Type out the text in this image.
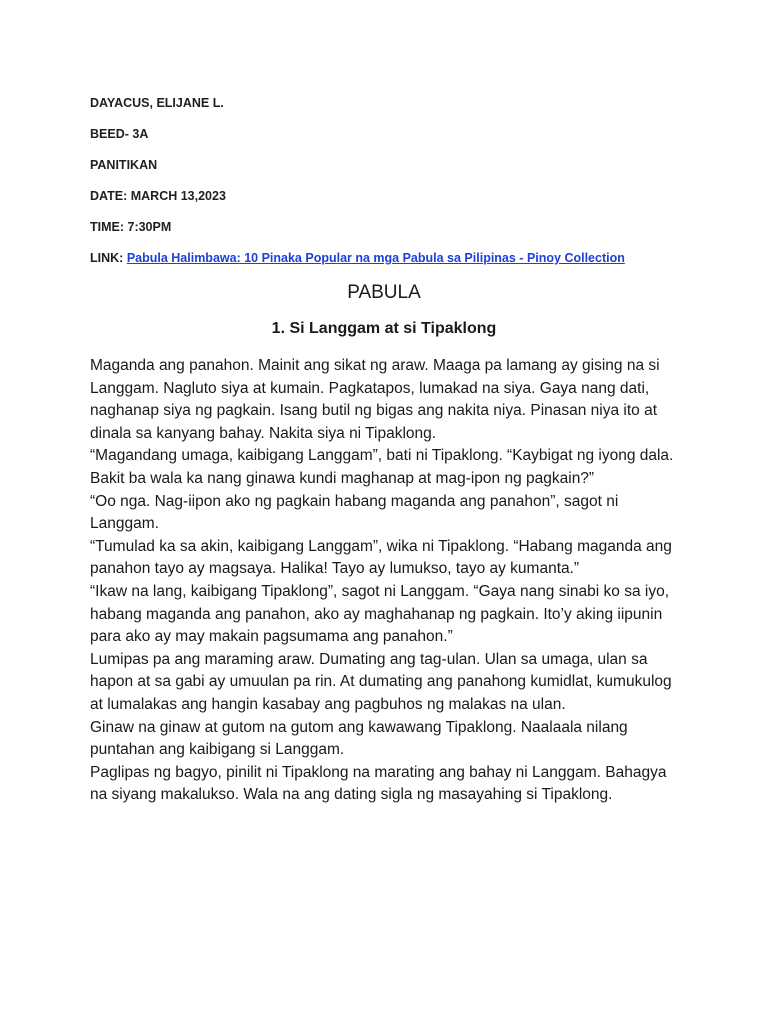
DAYACUS, ELIJANE L.
BEED- 3A
PANITIKAN
DATE: MARCH 13,2023
TIME: 7:30PM
LINK: Pabula Halimbawa: 10 Pinaka Popular na mga Pabula sa Pilipinas - Pinoy Collection
PABULA
1. Si Langgam at si Tipaklong

Maganda ang panahon. Mainit ang sikat ng araw. Maaga pa lamang ay gising na si Langgam. Nagluto siya at kumain. Pagkatapos, lumakad na siya. Gaya nang dati, naghanap siya ng pagkain. Isang butil ng bigas ang nakita niya. Pinasan niya ito at dinala sa kanyang bahay. Nakita siya ni Tipaklong.

“Magandang umaga, kaibigang Langgam”, bati ni Tipaklong. “Kaybigat ng iyong dala. Bakit ba wala ka nang ginawa kundi maghanap at mag-ipon ng pagkain?”

“Oo nga. Nag-iipon ako ng pagkain habang maganda ang panahon”, sagot ni Langgam.

“Tumulad ka sa akin, kaibigang Langgam”, wika ni Tipaklong. “Habang maganda ang panahon tayo ay magsaya. Halika! Tayo ay lumukso, tayo ay kumanta.”

“Ikaw na lang, kaibigang Tipaklong”, sagot ni Langgam. “Gaya nang sinabi ko sa iyo, habang maganda ang panahon, ako ay maghahanap ng pagkain. Ito’y aking iipunin para ako ay may makain pagsumama ang panahon.”

Lumipas pa ang maraming araw. Dumating ang tag-ulan. Ulan sa umaga, ulan sa hapon at sa gabi ay umuulan pa rin. At dumating ang panahong kumidlat, kumukulog at lumalakas ang hangin kasabay ang pagbuhos ng malakas na ulan.

Ginaw na ginaw at gutom na gutom ang kawawang Tipaklong. Naalaala nilang puntahan ang kaibigang si Langgam.

Paglipas ng bagyo, pinilit ni Tipaklong na marating ang bahay ni Langgam. Bahagya na siyang makalukso. Wala na ang dating sigla ng masayahing si Tipaklong.
